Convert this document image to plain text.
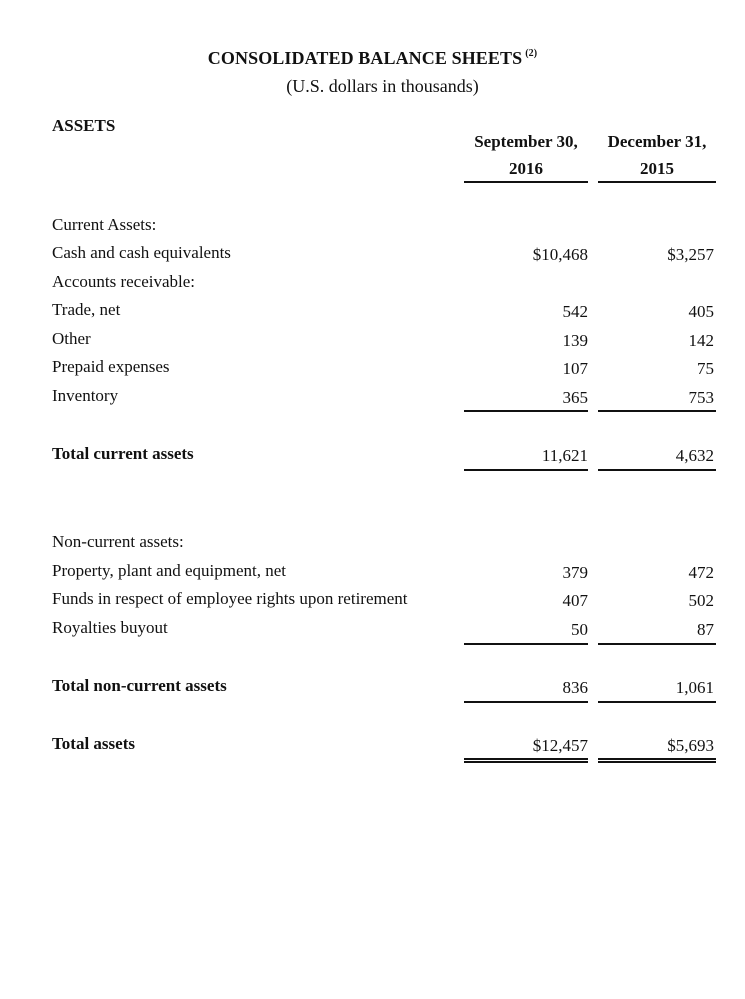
CONSOLIDATED BALANCE SHEETS $^{(2)}$
(U.S. dollars in thousands)
ASSETS
September 30,
2016
December 31,
2015
Current Assets:
Cash and cash equivalents	$10,468	$3,257
Accounts receivable:
Trade, net	542	405
Other	139	142
Prepaid expenses	107	75
Inventory	365	753
Total current assets	11,621	4,632
Non-current assets:
Property, plant and equipment, net	379	472
Funds in respect of employee rights upon retirement	407	502
Royalties buyout	50	87
Total non-current assets	836	1,061
Total assets	$12,457	$5,693
